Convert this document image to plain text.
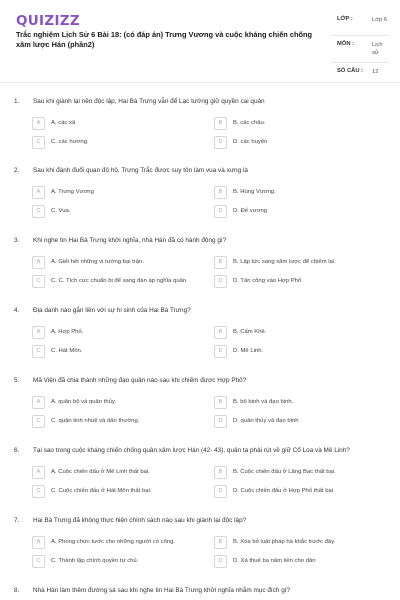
QUIZIZZ
Trắc nghiệm Lịch Sử 6 Bài 18: (có đáp án) Trưng Vương và cuộc kháng chiến chống xâm lược Hán (phần2)
LỚP :	Lớp 6
MÔN :	Lịch sử
SỐ CÂU : 12
1. Sau khi giành lại nền độc lập, Hai Bà Trưng vẫn để Lạc tướng giữ quyền cai quản
A	A. các xã	B	B. các châu.
C	C. các hương.	D	D. các huyện
2. Sau khi đánh đuổi quan đô hộ, Trưng Trắc được suy tôn làm vua và xưng là
A	A. Trưng Vương	B	B. Hùng Vương.
C	C. Vua.	D	D. Đế vương
3. Khi nghe tin Hai Bà Trưng khởi nghĩa, nhà Hán đã có hành động gì?
A	A. Giết hết những vị tướng bại trận.	B	B. Lập tức sang xâm lược để chiếm lại.
C	C. C. Tích cực chuẩn bị để sang đàn áp nghĩa quân.	D	D. Tấn công vào Hợp Phố
4. Địa danh nào gắn liền với sự hi sinh của Hai Bà Trưng?
A	A. Hợp Phố.	B	B. Cấm Khê.
C	C. Hát Môn.	D	D. Mê Linh.
5. Mã Viện đã chia thành những đạo quân nào sau khi chiếm được Hợp Phố?
A	A. quân bộ và quân thủy.	B	B. bộ binh và đạo binh.
C	C. quân tinh nhuệ và dân thường.	D	D. quân thủy và đạo binh
6. Tại sao trong cuộc kháng chiến chống quân xâm lược Hán (42- 43), quân ta phải rút về giữ Cổ Loa và Mê Linh?
A	A. Cuộc chiến đấu ở Mê Linh thất bại.	B	B. Cuộc chiến đấu ở Lãng Bạc thất bại.
C	C. Cuộc chiến đấu ở Hát Môn thất bại.	D	D. Cuộc chiến đấu ở Hợp Phố thất bại
7. Hai Bà Trưng đã không thực hiện chính sách nào sau khi giành lại độc lập?
A	A. Phong chức tước cho những người có công.	B	B. Xóa bỏ luật pháp hà khắc trước đây.
C	C. Thành lập chính quyền tự chủ.	D	D. Xá thuế ba năm liền cho dân
8. Nhà Hán làm thêm đường sá sau khi nghe tin Hai Bà Trưng khởi nghĩa nhằm mục đích gì?
